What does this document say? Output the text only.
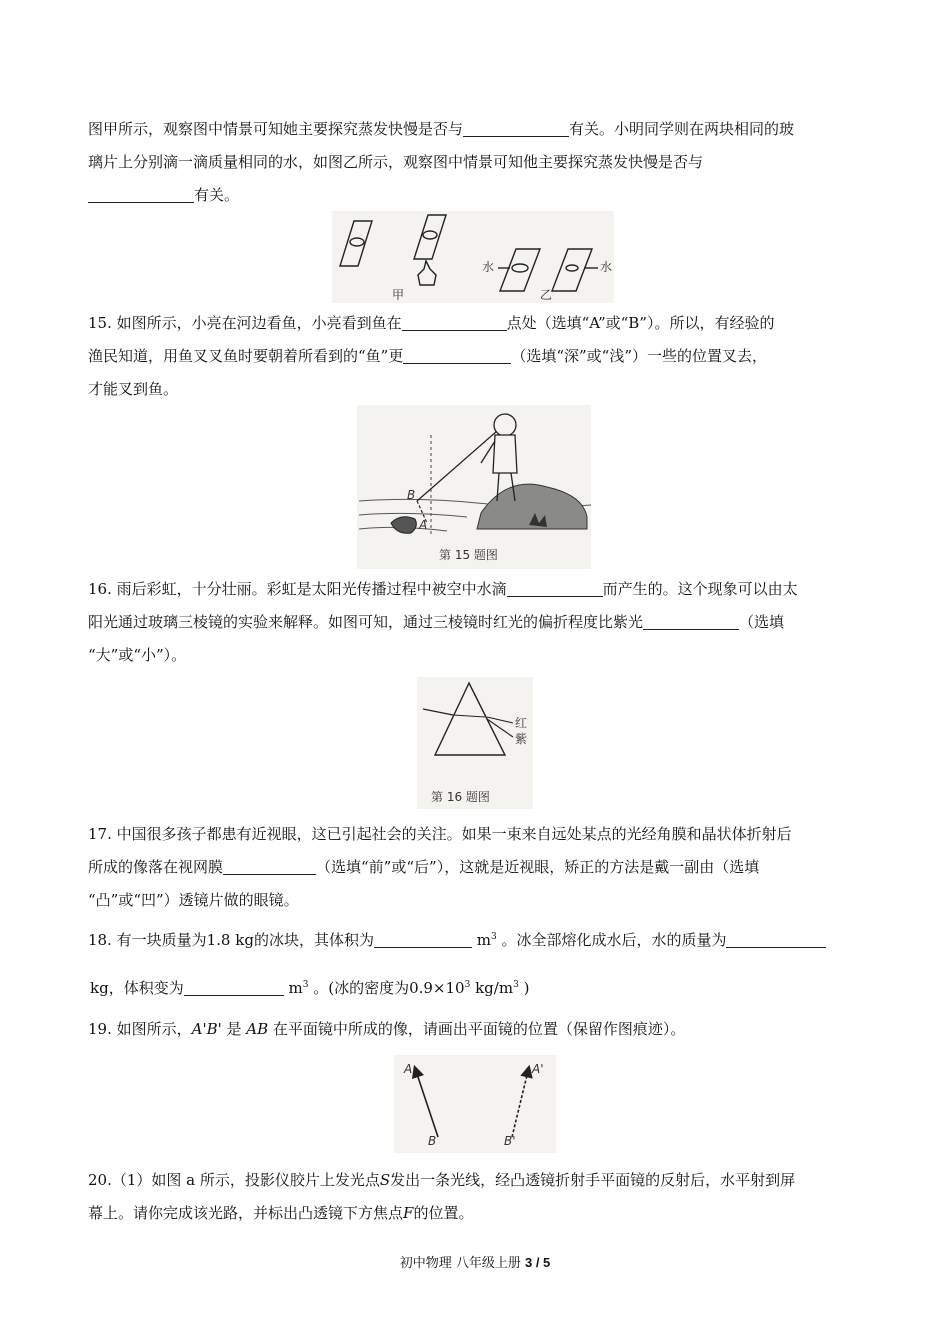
图甲所示，观察图中情景可知她主要探究蒸发快慢是否与	有关。小明同学则在两块相同的玻
璃片上分别滴一滴质量相同的水，如图乙所示，观察图中情景可知他主要探究蒸发快慢是否与
有关。
水	水
甲	乙
15. 如图所示，小亮在河边看鱼，小亮看到鱼在	点处（选填“A”或“B”）。所以，有经验的
渔民知道，用鱼叉叉鱼时要朝着所看到的“鱼”更	（选填“深”或“浅”）一些的位置叉去，
才能叉到鱼。
B
A
第 15 题图
16. 雨后彩虹，十分壮丽。彩虹是太阳光传播过程中被空中水滴	而产生的。这个现象可以由太
阳光通过玻璃三棱镜的实验来解释。如图可知，通过三棱镜时红光的偏折程度比紫光	（选填
“大”或“小”）。
红
紫
第 16 题图
17. 中国很多孩子都患有近视眼，这已引起社会的关注。如果一束来自远处某点的光经角膜和晶状体折射后
所成的像落在视网膜	（选填“前”或“后”），这就是近视眼，矫正的方法是戴一副由（选填
“凸”或“凹”）透镜片做的眼镜。
18. 有一块质量为1.8 kg的冰块，其体积为	$m^3$ 。冰全部熔化成水后，水的质量为
kg，体积变为	$m^3$ 。(冰的密度为$0.9\times 10^3$ $kg/m^3$ )
19. 如图所示，A'B' 是 AB 在平面镜中所成的像，请画出平面镜的位置（保留作图痕迹）。
A
B
A'
B'
20.（1）如图 a 所示，投影仪胶片上发光点S发出一条光线，经凸透镜折射手平面镜的反射后，水平射到屏
幕上。请你完成该光路，并标出凸透镜下方焦点F的位置。
初中物理 八年级上册 3 / 5
